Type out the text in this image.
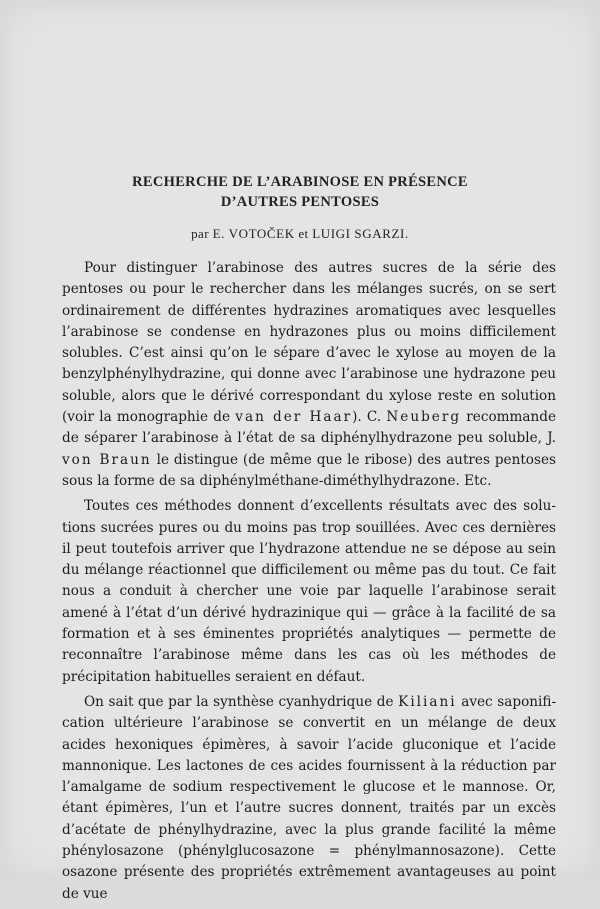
RECHERCHE DE L’ARABINOSE EN PRÉSENCE
D’AUTRES PENTOSES
par E. VOTOČEK et LUIGI SGARZI.

Pour distinguer l’arabinose des autres sucres de la série des pentoses ou pour le rechercher dans les mélanges sucrés, on se sert ordinairement de différentes hydrazines aromatiques avec lesquelles l’arabinose se condense en hydrazones plus ou moins difficilement solubles. C’est ainsi qu’on le sépare d’avec le xylose au moyen de la benzylphénylhydrazine, qui donne avec l’arabinose une hydrazone peu soluble, alors que le dérivé correspondant du xylose reste en solution (voir la monographie de van der Haar). C. Neuberg recommande de séparer l’arabinose à l’état de sa diphénylhydrazone peu soluble, J. von Braun le distingue (de même que le ribose) des autres pentoses sous la forme de sa diphénylméthane-diméthylhydrazone. Etc.

Toutes ces méthodes donnent d’excellents résultats avec des solutions sucrées pures ou du moins pas trop souillées. Avec ces dernières il peut toutefois arriver que l’hydrazone attendue ne se dépose au sein du mélange réactionnel que difficilement ou même pas du tout. Ce fait nous a conduit à chercher une voie par laquelle l’arabinose serait amené à l’état d’un dérivé hydrazinique qui — grâce à la facilité de sa formation et à ses éminentes propriétés analytiques — permette de reconnaître l’arabinose même dans les cas où les méthodes de précipitation habituelles seraient en défaut.

On sait que par la synthèse cyanhydrique de Kiliani avec saponification ultérieure l’arabinose se convertit en un mélange de deux acides hexoniques épimères, à savoir l’acide gluconique et l’acide mannonique. Les lactones de ces acides fournissent à la réduction par l’amalgame de sodium respectivement le glucose et le mannose. Or, étant épimères, l’un et l’autre sucres donnent, traités par un excès d’acétate de phénylhydrazine, avec la plus grande facilité la même phénylosazone (phénylglucosazone = phénylmannosazone). Cette osazone présente des propriétés extrêmement avantageuses au point de vue
